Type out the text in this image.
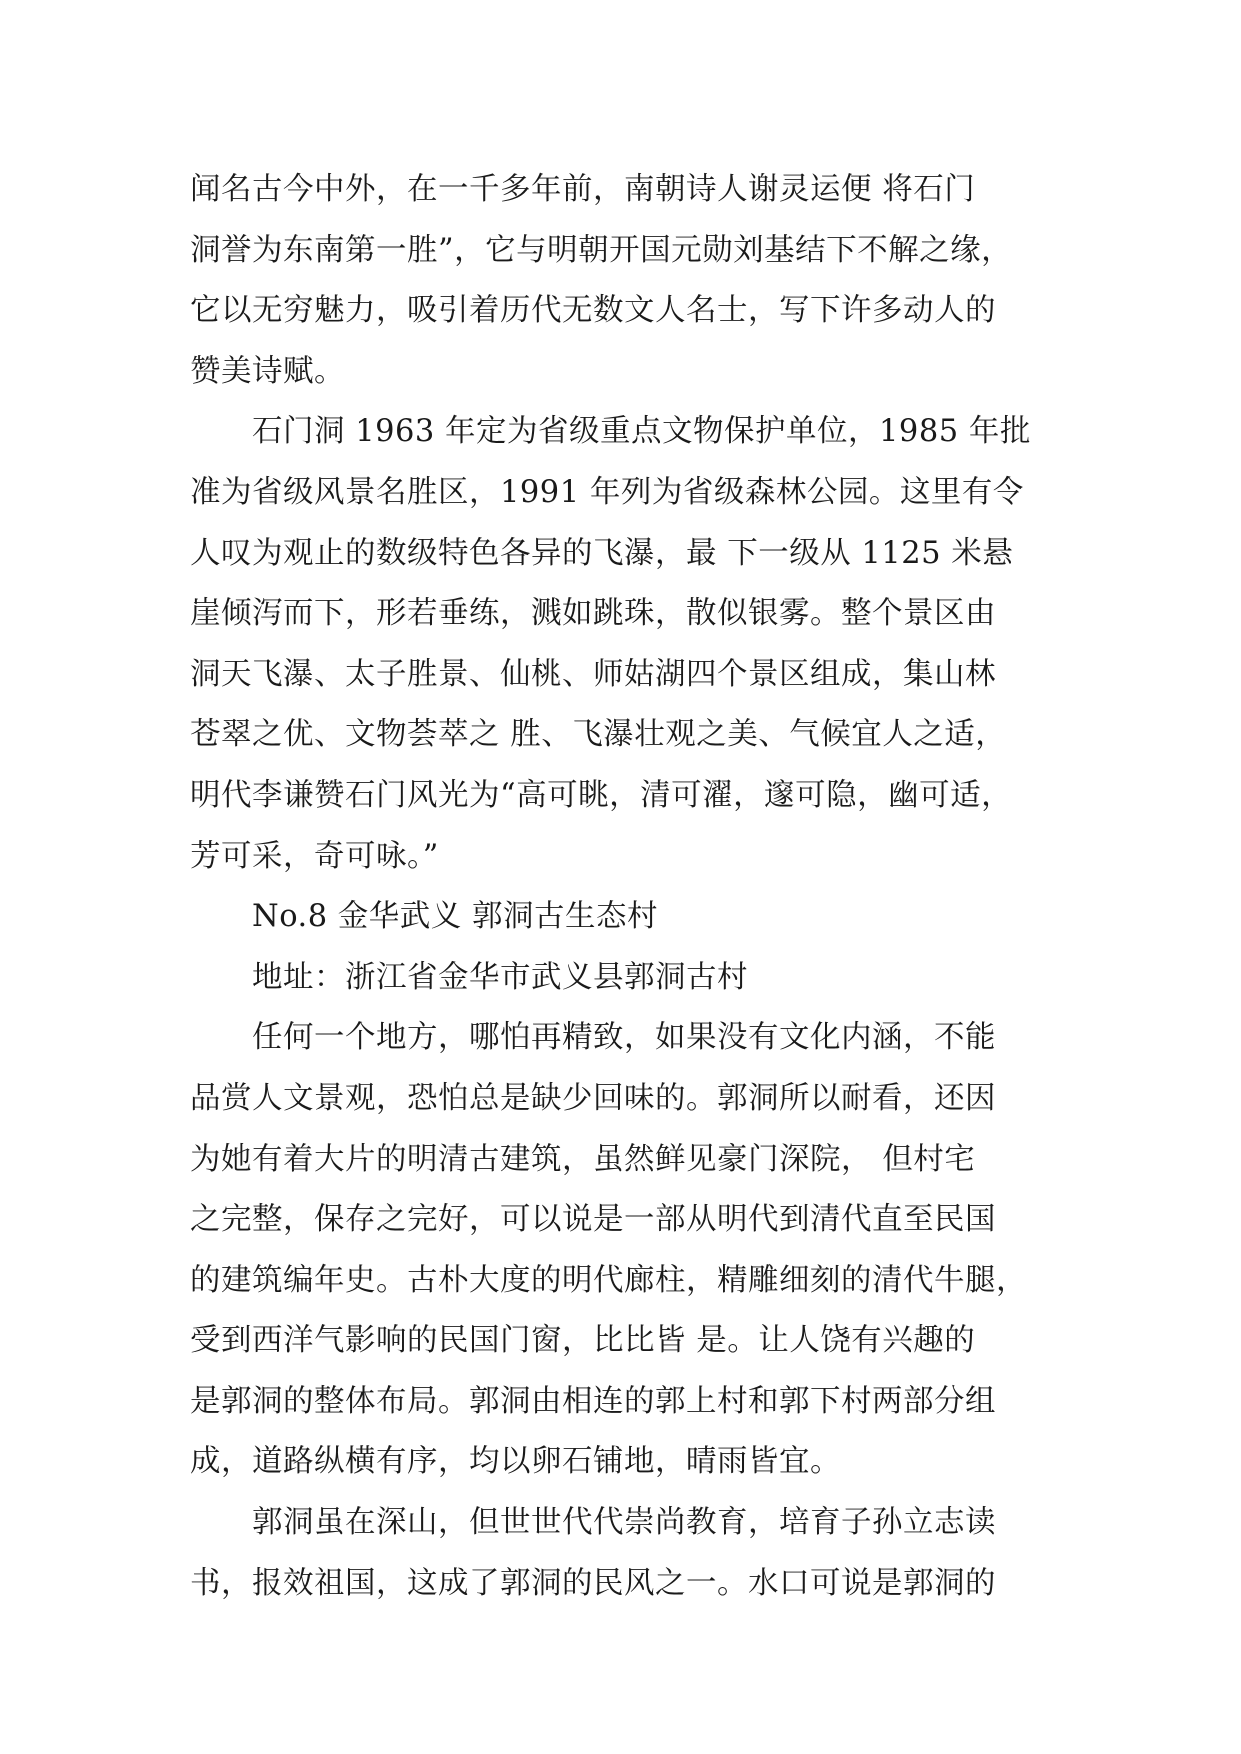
闻名古今中外，在一千多年前，南朝诗人谢灵运便 将石门
洞誉为东南第一胜”，它与明朝开国元勋刘基结下不解之缘，
它以无穷魅力，吸引着历代无数文人名士，写下许多动人的
赞美诗赋。
石门洞 1963 年定为省级重点文物保护单位，1985 年批
准为省级风景名胜区，1991 年列为省级森林公园。这里有令
人叹为观止的数级特色各异的飞瀑，最 下一级从 1125 米悬
崖倾泻而下，形若垂练，溅如跳珠，散似银雾。整个景区由
洞天飞瀑、太子胜景、仙桃、师姑湖四个景区组成，集山林
苍翠之优、文物荟萃之 胜、飞瀑壮观之美、气候宜人之适，
明代李谦赞石门风光为“高可眺，清可濯，邃可隐，幽可适，
芳可采，奇可咏。”
No.8 金华武义 郭洞古生态村
地址：浙江省金华市武义县郭洞古村
任何一个地方，哪怕再精致，如果没有文化内涵，不能
品赏人文景观，恐怕总是缺少回味的。郭洞所以耐看，还因
为她有着大片的明清古建筑，虽然鲜见豪门深院， 但村宅
之完整，保存之完好，可以说是一部从明代到清代直至民国
的建筑编年史。古朴大度的明代廊柱，精雕细刻的清代牛腿，
受到西洋气影响的民国门窗，比比皆 是。让人饶有兴趣的
是郭洞的整体布局。郭洞由相连的郭上村和郭下村两部分组
成，道路纵横有序，均以卵石铺地，晴雨皆宜。
郭洞虽在深山，但世世代代崇尚教育，培育子孙立志读
书，报效祖国，这成了郭洞的民风之一。水口可说是郭洞的
